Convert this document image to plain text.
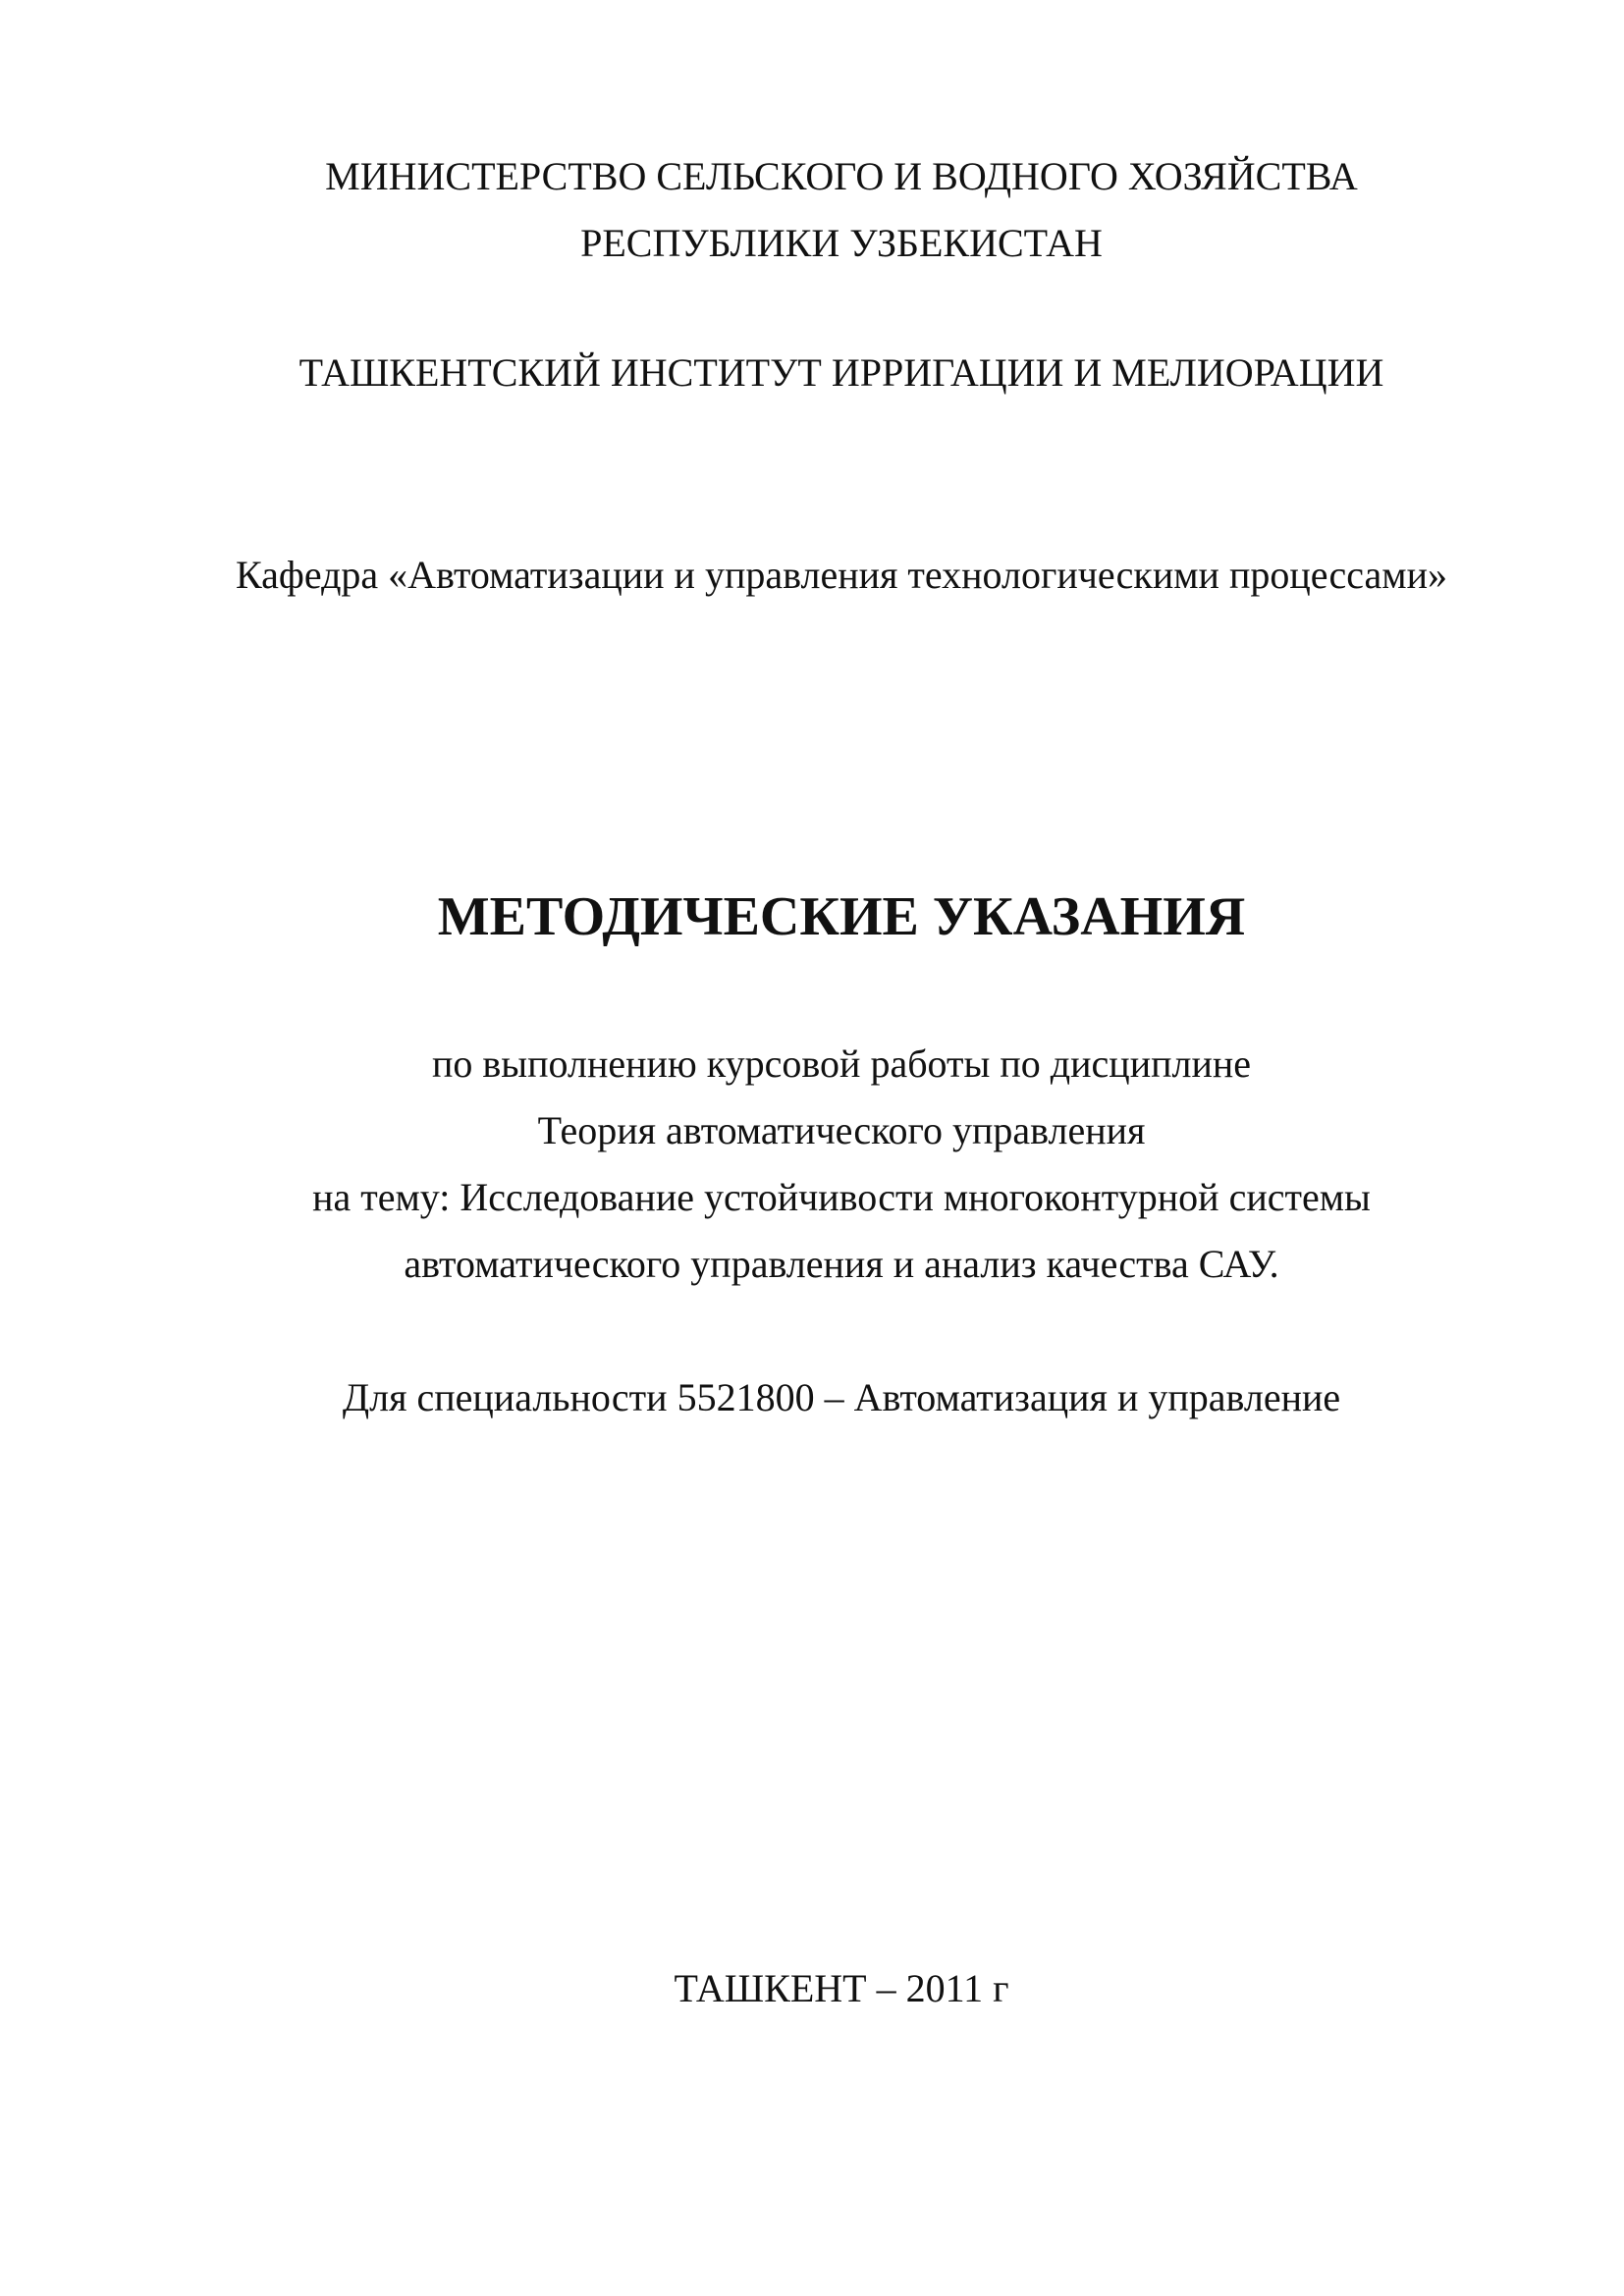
МИНИСТЕРСТВО СЕЛЬСКОГО И ВОДНОГО ХОЗЯЙСТВА

РЕСПУБЛИКИ УЗБЕКИСТАН

ТАШКЕНТСКИЙ ИНСТИТУТ ИРРИГАЦИИ И МЕЛИОРАЦИИ

Кафедра «Автоматизации и управления технологическими процессами»

МЕТОДИЧЕСКИЕ УКАЗАНИЯ

по выполнению курсовой работы по дисциплине

Теория автоматического управления

на тему: Исследование устойчивости многоконтурной системы

автоматического управления и анализ качества САУ.

Для специальности 5521800 – Автоматизация и управление

ТАШКЕНТ – 2011 г
